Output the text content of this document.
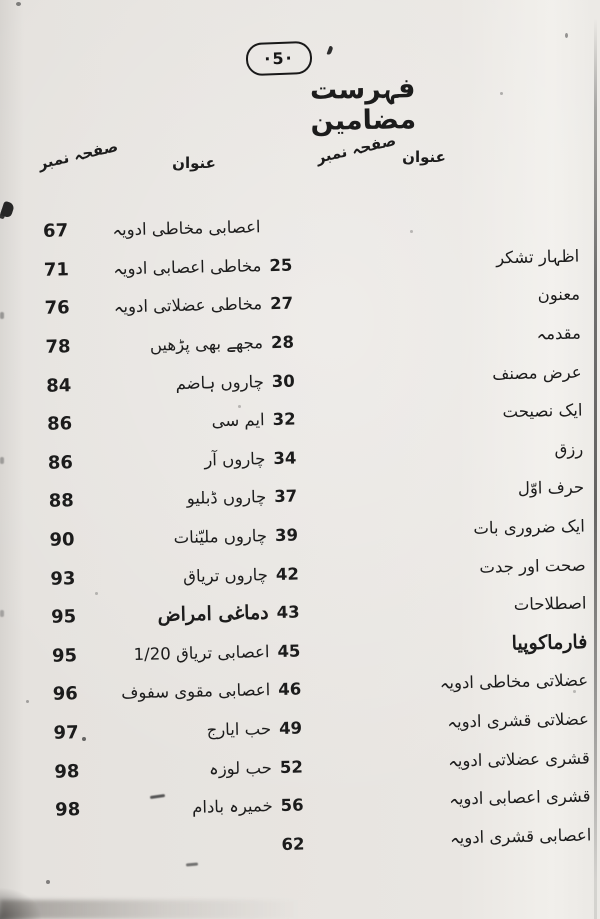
·5·
فہرست مضامین
عنوان
صفحہ نمبر
عنوان
صفحہ نمبر
67	اعصابی مخاطی ادویہ
71	مخاطی اعصابی ادویہ 25	اظہار تشکر
76	مخاطی عضلاتی ادویہ 27	معنون
78	مجھے بھی پڑھیں 28	مقدمہ
84	چاروں ہاضم 30	عرض مصنف
86	ایم سی 32	ایک نصیحت
86	چاروں آر 34	رزق
88	چاروں ڈبلیو 37	حرف اوّل
90	چاروں ملیّنات 39	ایک ضروری بات
93	چاروں تریاق 42	صحت اور جدت
95	دماغی امراض 43	اصطلاحات
95	اعصابی تریاق 1/20 45	فارماکوپیا
96	اعصابی مقوی سفوف 46	عضلاتی مخاطی ادویہ
97	حب ایارج 49	عضلاتی قشری ادویہ
98	حب لوزہ 52	قشری عضلاتی ادویہ
98	خمیرہ بادام 56	قشری اعصابی ادویہ
62	اعصابی قشری ادویہ
